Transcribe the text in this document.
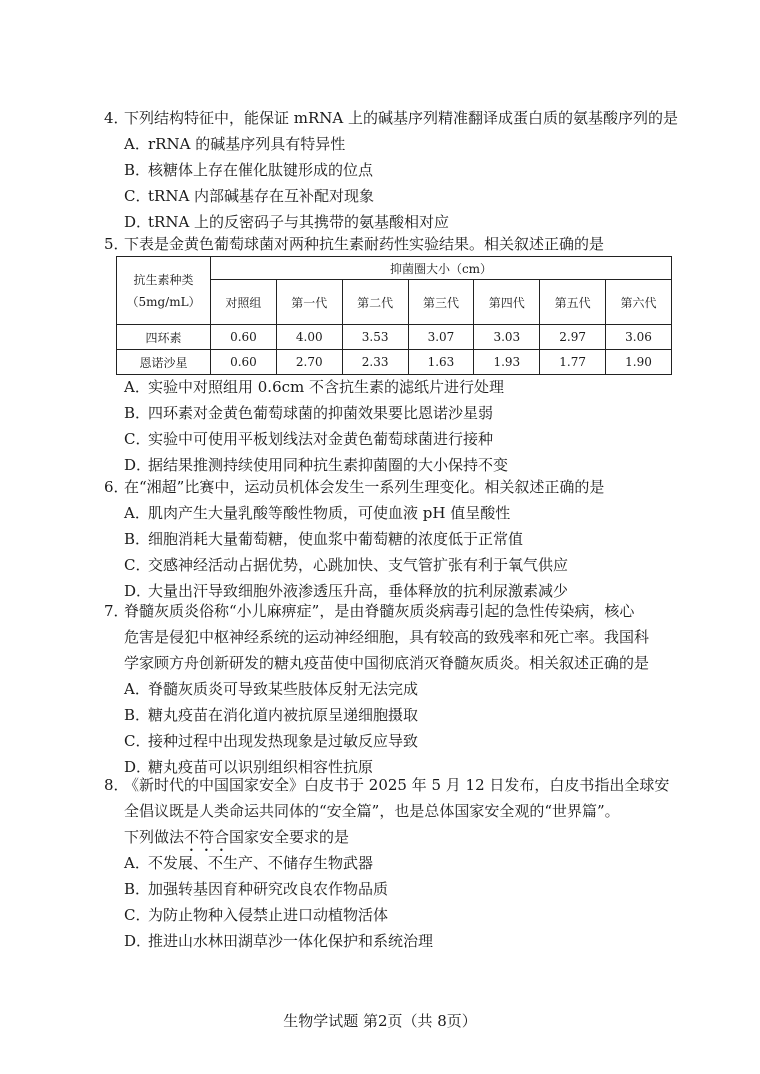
4．下列结构特征中，能保证 mRNA 上的碱基序列精准翻译成蛋白质的氨基酸序列的是
A．rRNA 的碱基序列具有特异性
B．核糖体上存在催化肽键形成的位点
C．tRNA 内部碱基存在互补配对现象
D．tRNA 上的反密码子与其携带的氨基酸相对应
5．下表是金黄色葡萄球菌对两种抗生素耐药性实验结果。相关叙述正确的是
抗生素种类
（5mg/mL）	抑菌圈大小（cm）						
	对照组	第一代	第二代	第三代	第四代	第五代	第六代
四环素	0.60	4.00	3.53	3.07	3.03	2.97	3.06
恩诺沙星	0.60	2.70	2.33	1.63	1.93	1.77	1.90
A．实验中对照组用 0.6cm 不含抗生素的滤纸片进行处理
B．四环素对金黄色葡萄球菌的抑菌效果要比恩诺沙星弱
C．实验中可使用平板划线法对金黄色葡萄球菌进行接种
D．据结果推测持续使用同种抗生素抑菌圈的大小保持不变
6．在“湘超”比赛中，运动员机体会发生一系列生理变化。相关叙述正确的是
A．肌肉产生大量乳酸等酸性物质，可使血液 pH 值呈酸性
B．细胞消耗大量葡萄糖，使血浆中葡萄糖的浓度低于正常值
C．交感神经活动占据优势，心跳加快、支气管扩张有利于氧气供应
D．大量出汗导致细胞外液渗透压升高，垂体释放的抗利尿激素减少
7．脊髓灰质炎俗称“小儿麻痹症”，是由脊髓灰质炎病毒引起的急性传染病，核心
危害是侵犯中枢神经系统的运动神经细胞，具有较高的致残率和死亡率。我国科
学家顾方舟创新研发的糖丸疫苗使中国彻底消灭脊髓灰质炎。相关叙述正确的是
A．脊髓灰质炎可导致某些肢体反射无法完成
B．糖丸疫苗在消化道内被抗原呈递细胞摄取
C．接种过程中出现发热现象是过敏反应导致
D．糖丸疫苗可以识别组织相容性抗原
8．《新时代的中国国家安全》白皮书于 2025 年 5 月 12 日发布，白皮书指出全球安
全倡议既是人类命运共同体的“安全篇”，也是总体国家安全观的“世界篇”。
下列做法不符合国家安全要求的是
A．不发展、不生产、不储存生物武器
B．加强转基因育种研究改良农作物品质
C．为防止物种入侵禁止进口动植物活体
D．推进山水林田湖草沙一体化保护和系统治理
生物学试题 第2页（共 8页）
